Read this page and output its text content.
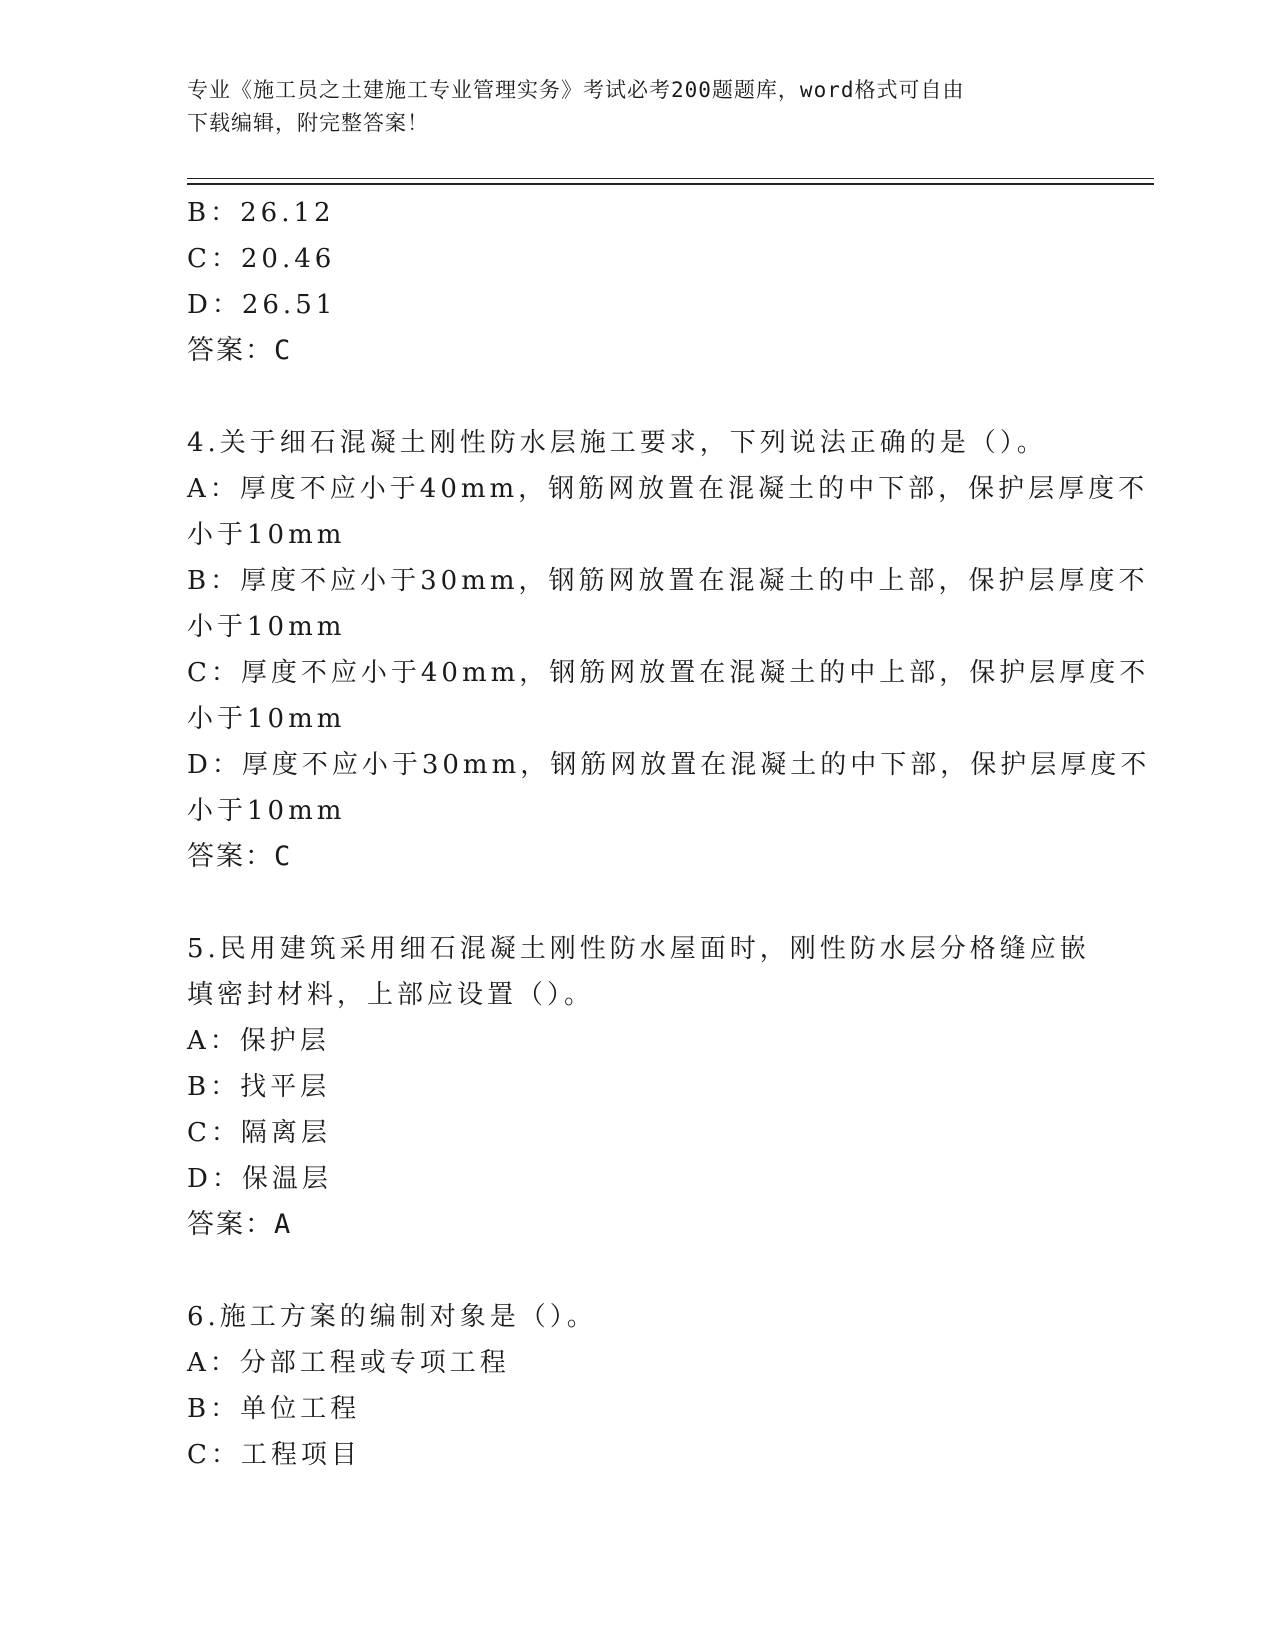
专业《施工员之土建施工专业管理实务》考试必考200题题库，word格式可自由
下载编辑，附完整答案！
B：26.12
C：20.46
D：26.51
答案：C
4.关于细石混凝土刚性防水层施工要求，下列说法正确的是（）。
A：厚度不应小于40mm，钢筋网放置在混凝土的中下部，保护层厚度不
小于10mm
B：厚度不应小于30mm，钢筋网放置在混凝土的中上部，保护层厚度不
小于10mm
C：厚度不应小于40mm，钢筋网放置在混凝土的中上部，保护层厚度不
小于10mm
D：厚度不应小于30mm，钢筋网放置在混凝土的中下部，保护层厚度不
小于10mm
答案：C
5.民用建筑采用细石混凝土刚性防水屋面时，刚性防水层分格缝应嵌
填密封材料，上部应设置（）。
A：保护层
B：找平层
C：隔离层
D：保温层
答案：A
6.施工方案的编制对象是（）。
A：分部工程或专项工程
B：单位工程
C：工程项目
